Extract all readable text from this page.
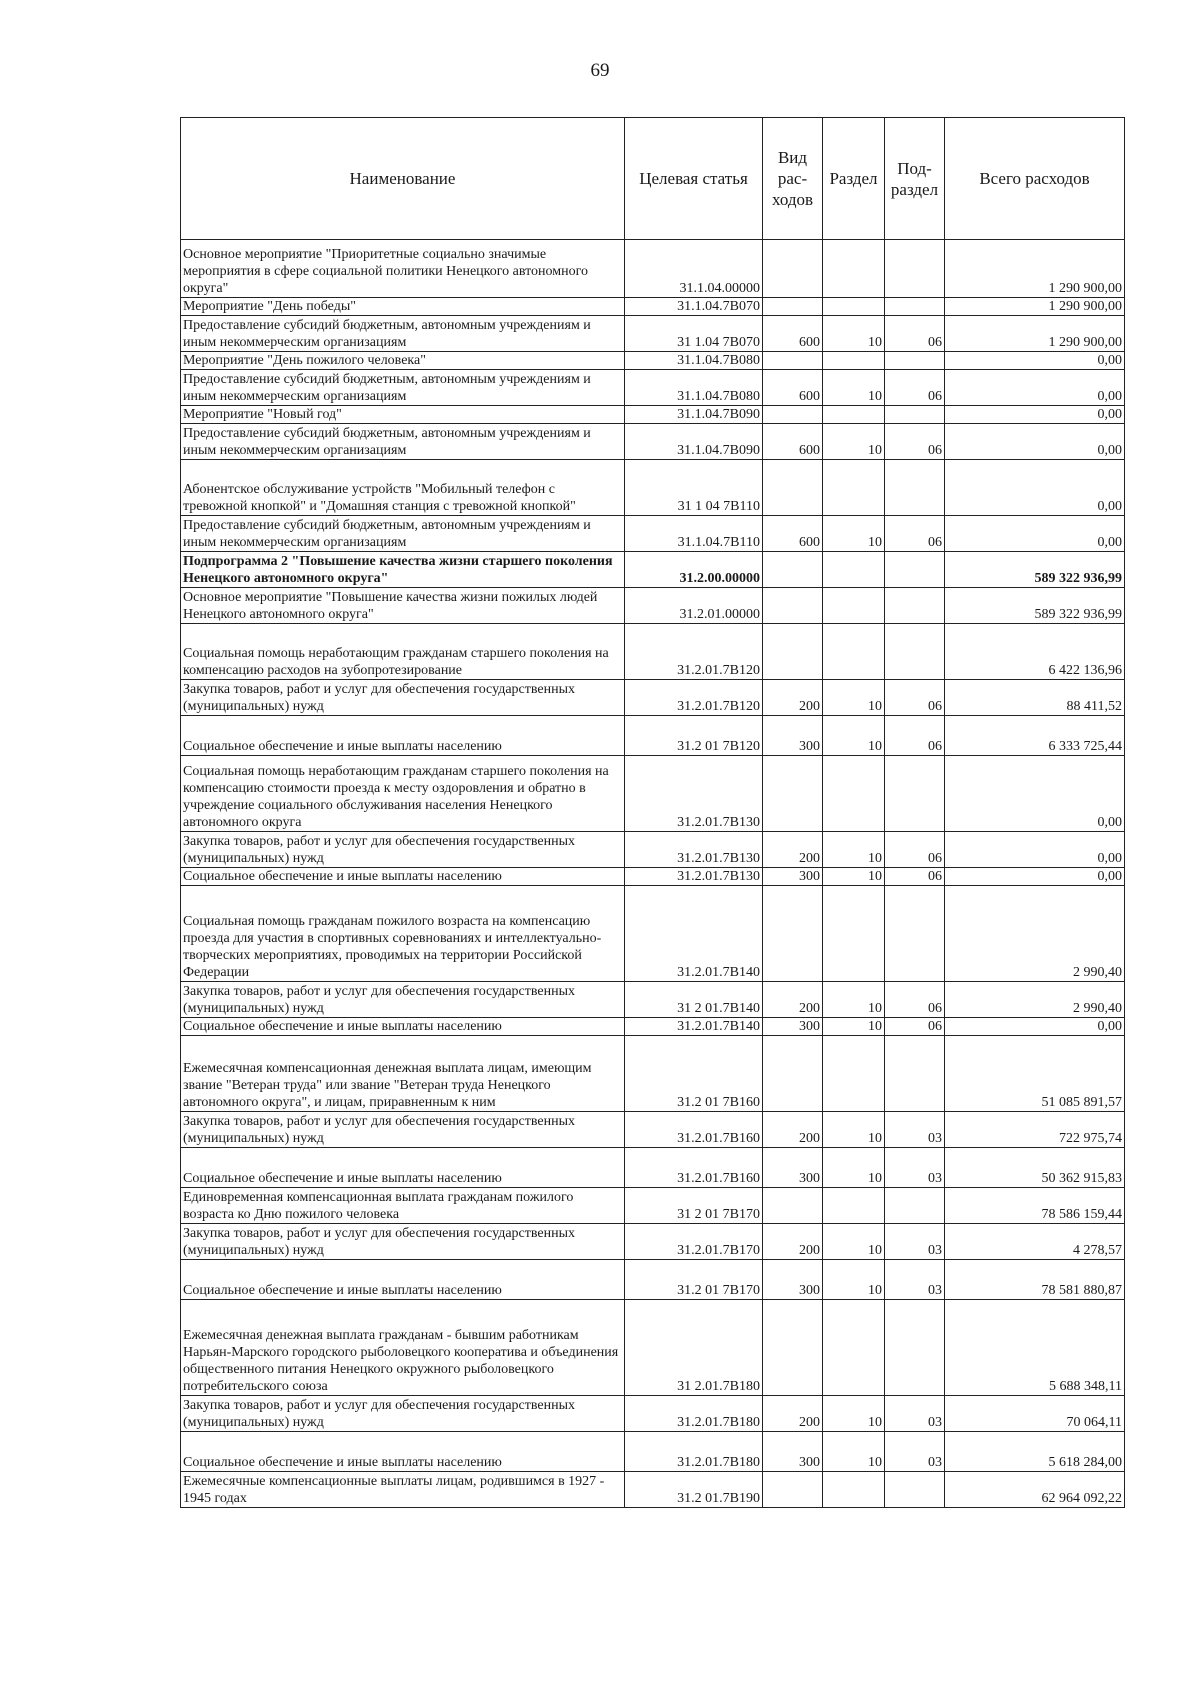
69
Наименование	Целевая статья	Вид рас- ходов	Раздел	Под- раздел	Всего расходов
Основное мероприятие "Приоритетные социально значимые мероприятия в сфере социальной политики Ненецкого автономного округа"	31.1.04.00000				1 290 900,00
Мероприятие "День победы"	31.1.04.7B070				1 290 900,00
Предоставление субсидий бюджетным, автономным учреждениям и иным некоммерческим организациям	31 1.04 7B070	600	10	06	1 290 900,00
Мероприятие "День пожилого человека"	31.1.04.7B080				0,00
Предоставление субсидий бюджетным, автономным учреждениям и иным некоммерческим организациям	31.1.04.7B080	600	10	06	0,00
Мероприятие "Новый год"	31.1.04.7B090				0,00
Предоставление субсидий бюджетным, автономным учреждениям и иным некоммерческим организациям	31.1.04.7B090	600	10	06	0,00
Абонентское обслуживание устройств "Мобильный телефон с тревожной кнопкой" и "Домашняя станция с тревожной кнопкой"	31 1 04 7B110				0,00
Предоставление субсидий бюджетным, автономным учреждениям и иным некоммерческим организациям	31.1.04.7B110	600	10	06	0,00
Подпрограмма 2 "Повышение качества жизни старшего поколения Ненецкого автономного округа"	31.2.00.00000				589 322 936,99
Основное мероприятие "Повышение качества жизни пожилых людей Ненецкого автономного округа"	31.2.01.00000				589 322 936,99
Социальная помощь неработающим гражданам старшего поколения на компенсацию расходов на зубопротезирование	31.2.01.7B120				6 422 136,96
Закупка товаров, работ и услуг для обеспечения государственных (муниципальных) нужд	31.2.01.7B120	200	10	06	88 411,52
Социальное обеспечение и иные выплаты населению	31.2 01 7B120	300	10	06	6 333 725,44
Социальная помощь неработающим гражданам старшего поколения на компенсацию стоимости проезда к месту оздоровления и обратно в учреждение социального обслуживания населения Ненецкого автономного округа	31.2.01.7B130				0,00
Закупка товаров, работ и услуг для обеспечения государственных (муниципальных) нужд	31.2.01.7B130	200	10	06	0,00
Социальное обеспечение и иные выплаты населению	31.2.01.7B130	300	10	06	0,00
Социальная помощь гражданам пожилого возраста на компенсацию проезда для участия в спортивных соревнованиях и интеллектуально-творческих мероприятиях, проводимых на территории Российской Федерации	31.2.01.7B140				2 990,40
Закупка товаров, работ и услуг для обеспечения государственных (муниципальных) нужд	31 2 01.7B140	200	10	06	2 990,40
Социальное обеспечение и иные выплаты населению	31.2.01.7B140	300	10	06	0,00
Ежемесячная компенсационная денежная выплата лицам, имеющим звание "Ветеран труда" или звание "Ветеран труда Ненецкого автономного округа", и лицам, приравненным к ним	31.2 01 7B160				51 085 891,57
Закупка товаров, работ и услуг для обеспечения государственных (муниципальных) нужд	31.2.01.7B160	200	10	03	722 975,74
Социальное обеспечение и иные выплаты населению	31.2.01.7B160	300	10	03	50 362 915,83
Единовременная компенсационная выплата гражданам пожилого возраста ко Дню пожилого человека	31 2 01 7B170				78 586 159,44
Закупка товаров, работ и услуг для обеспечения государственных (муниципальных) нужд	31.2.01.7B170	200	10	03	4 278,57
Социальное обеспечение и иные выплаты населению	31.2 01 7B170	300	10	03	78 581 880,87
Ежемесячная денежная выплата гражданам - бывшим работникам Нарьян-Марского городского рыболовецкого кооператива и объединения общественного питания Ненецкого окружного рыболовецкого потребительского союза	31 2.01.7B180				5 688 348,11
Закупка товаров, работ и услуг для обеспечения государственных (муниципальных) нужд	31.2.01.7B180	200	10	03	70 064,11
Социальное обеспечение и иные выплаты населению	31.2.01.7B180	300	10	03	5 618 284,00
Ежемесячные компенсационные выплаты лицам, родившимся в 1927 - 1945 годах	31.2 01.7B190				62 964 092,22
